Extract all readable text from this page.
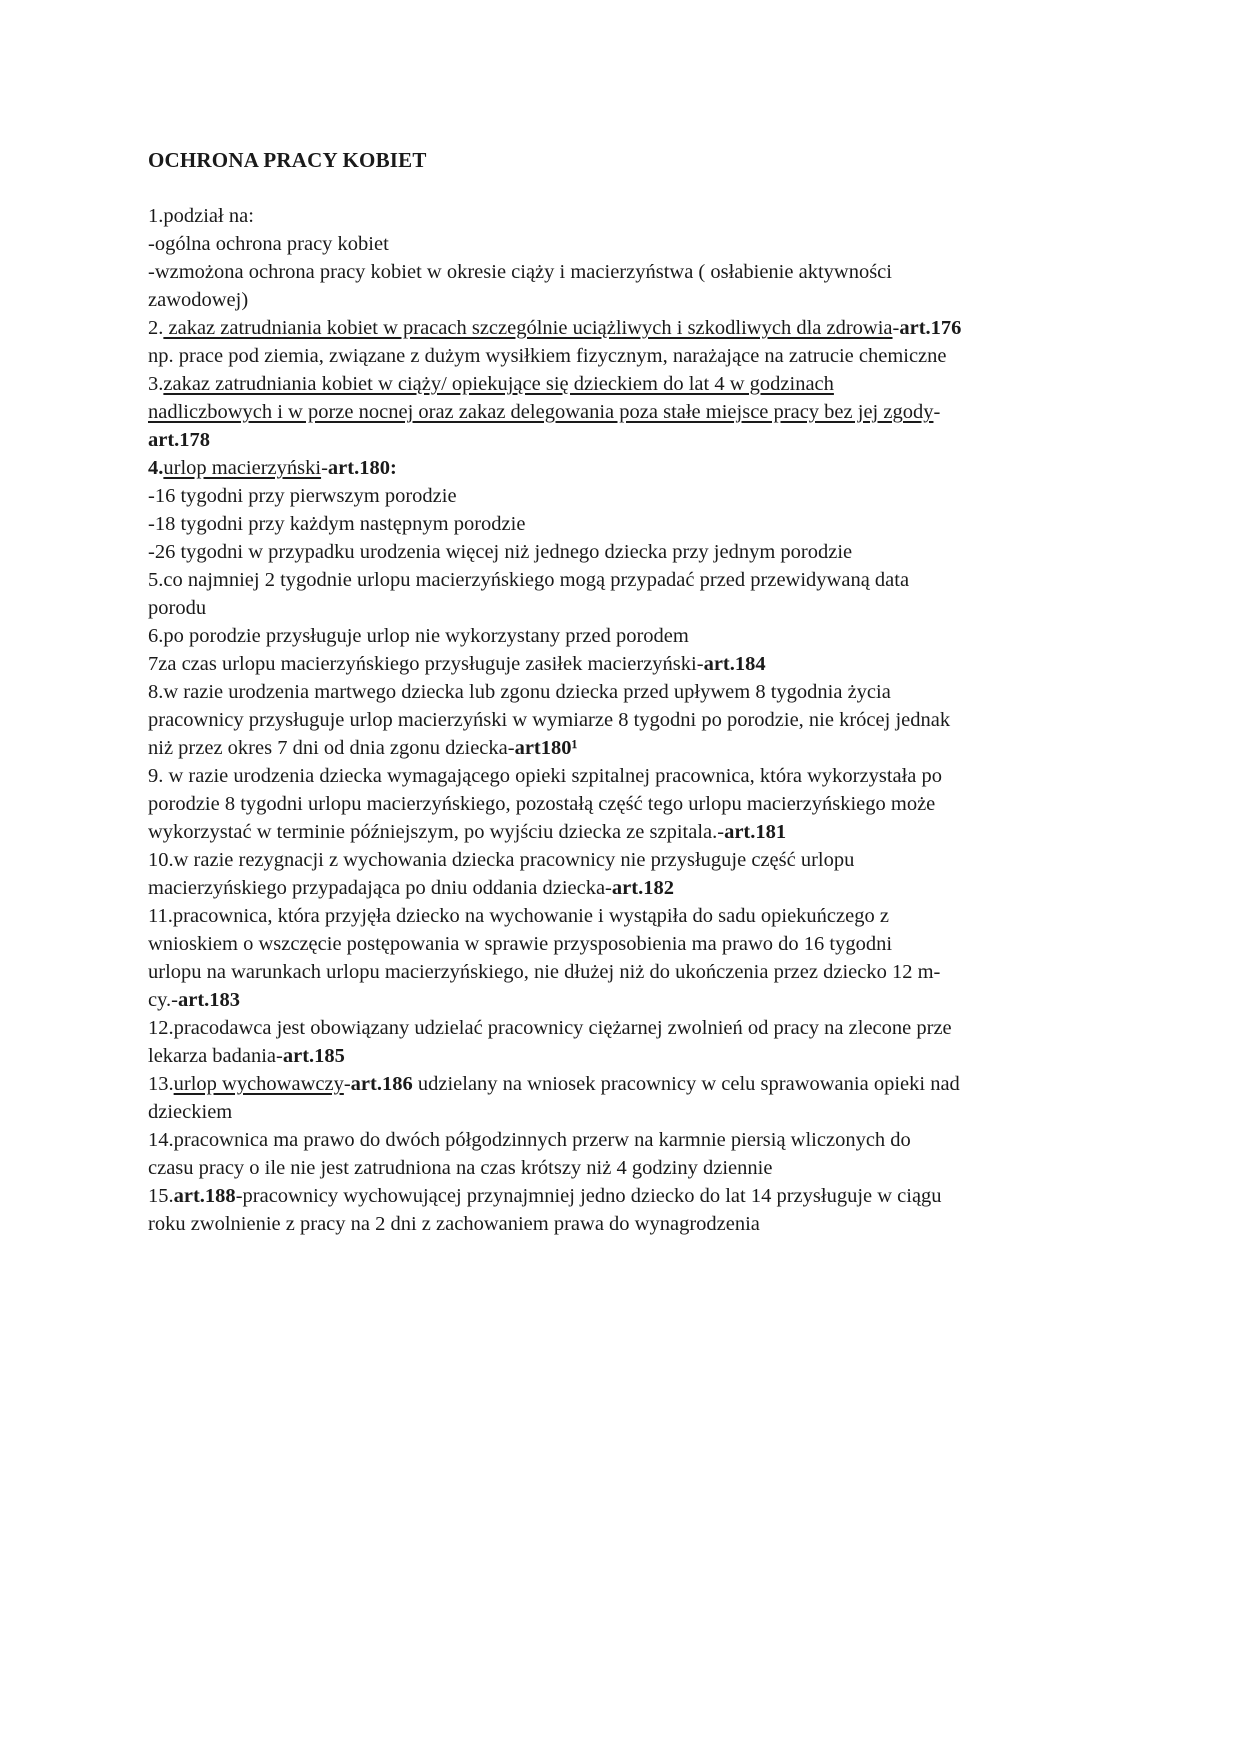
OCHRONA PRACY KOBIET
1.podział na:
-ogólna ochrona pracy kobiet
-wzmożona ochrona pracy kobiet w okresie ciąży i macierzyństwa ( osłabienie aktywności
zawodowej)
2. zakaz zatrudniania kobiet w pracach szczególnie uciążliwych i szkodliwych dla zdrowia-art.176
np. prace pod ziemia, związane z dużym wysiłkiem fizycznym, narażające na zatrucie chemiczne
3.zakaz zatrudniania kobiet w ciąży/ opiekujące się dzieckiem do lat 4 w godzinach
nadliczbowych i w porze nocnej oraz zakaz delegowania poza stałe miejsce pracy bez jej zgody-
art.178
4.urlop macierzyński-art.180:
-16 tygodni przy pierwszym porodzie
-18 tygodni przy każdym następnym porodzie
-26 tygodni w przypadku urodzenia więcej niż jednego dziecka przy jednym porodzie
5.co najmniej 2 tygodnie urlopu macierzyńskiego mogą przypadać przed przewidywaną data
porodu
6.po porodzie przysługuje urlop nie wykorzystany przed porodem
7za czas urlopu macierzyńskiego przysługuje zasiłek macierzyński-art.184
8.w razie urodzenia martwego dziecka lub zgonu dziecka przed upływem 8 tygodnia życia
pracownicy przysługuje urlop macierzyński w wymiarze 8 tygodni po porodzie, nie krócej jednak
niż przez okres 7 dni od dnia zgonu dziecka-art180¹
9. w razie urodzenia dziecka wymagającego opieki szpitalnej pracownica, która wykorzystała po
porodzie 8 tygodni urlopu macierzyńskiego, pozostałą część tego urlopu macierzyńskiego może
wykorzystać w terminie późniejszym, po wyjściu dziecka ze szpitala.-art.181
10.w razie rezygnacji z wychowania dziecka pracownicy nie przysługuje część urlopu
macierzyńskiego przypadająca po dniu oddania dziecka-art.182
11.pracownica, która przyjęła dziecko na wychowanie i wystąpiła do sadu opiekuńczego z
wnioskiem o wszczęcie postępowania w sprawie przysposobienia ma prawo do 16 tygodni
urlopu na warunkach urlopu macierzyńskiego, nie dłużej niż do ukończenia przez dziecko 12 m-
cy.-art.183
12.pracodawca jest obowiązany udzielać pracownicy ciężarnej zwolnień od pracy na zlecone prze
lekarza badania-art.185
13.urlop wychowawczy-art.186 udzielany na wniosek pracownicy w celu sprawowania opieki nad
dzieckiem
14.pracownica ma prawo do dwóch półgodzinnych przerw na karmnie piersią wliczonych do
czasu pracy o ile nie jest zatrudniona na czas krótszy niż 4 godziny dziennie
15.art.188-pracownicy wychowującej przynajmniej jedno dziecko do lat 14 przysługuje w ciągu
roku zwolnienie z pracy na 2 dni z zachowaniem prawa do wynagrodzenia
